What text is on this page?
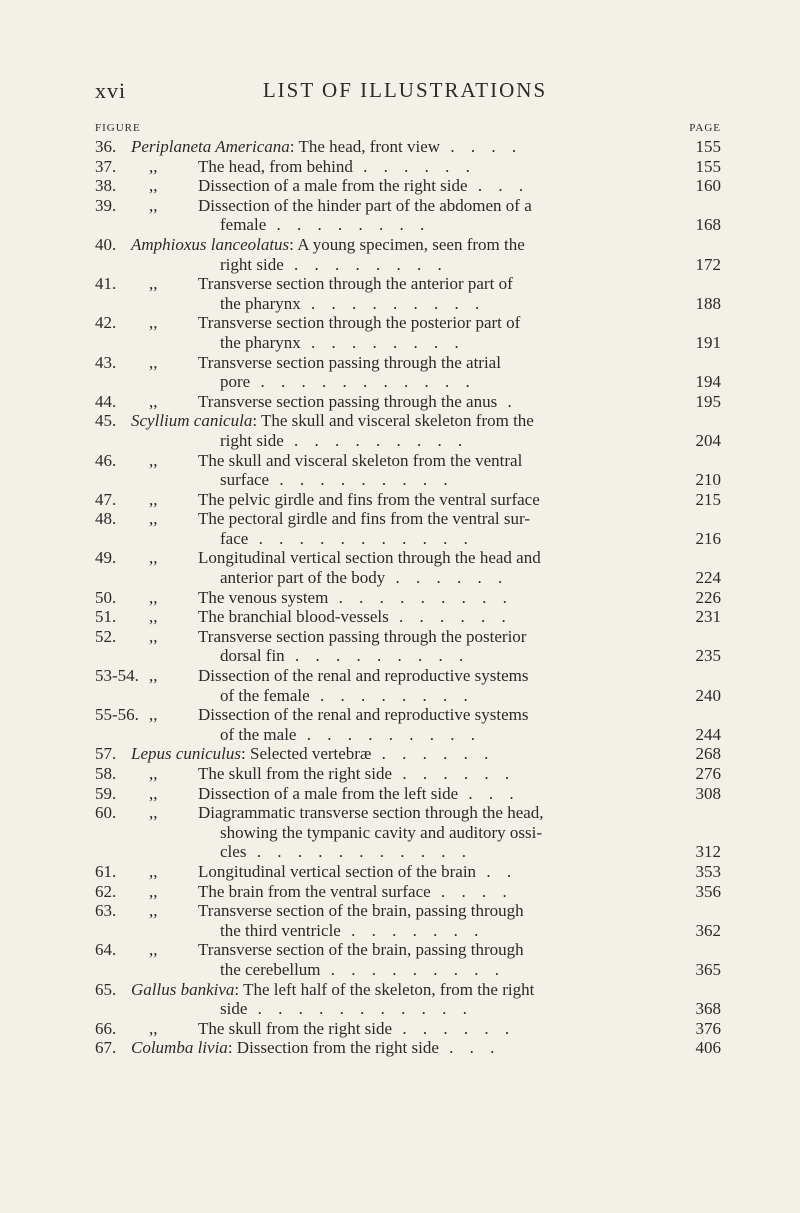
xvi	LIST OF ILLUSTRATIONS
FIGURE	PAGE
36. Periplaneta Americana: The head, front view . . . .	155
37. ,, The head, from behind . . . . . .	155
38. ,, Dissection of a male from the right side . . .	160
39. ,, Dissection of the hinder part of the abdomen of a
female . . . . . . . .	168
40. Amphioxus lanceolatus: A young specimen, seen from the
right side . . . . . . . .	172
41. ,, Transverse section through the anterior part of
the pharynx . . . . . . . . .	188
42. ,, Transverse section through the posterior part of
the pharynx . . . . . . . .	191
43. ,, Transverse section passing through the atrial
pore . . . . . . . . . . .	194
44. ,, Transverse section passing through the anus .	195
45. Scyllium canicula: The skull and visceral skeleton from the
right side . . . . . . . . .	204
46. ,, The skull and visceral skeleton from the ventral
surface . . . . . . . . .	210
47. ,, The pelvic girdle and fins from the ventral surface	215
48. ,, The pectoral girdle and fins from the ventral sur-
face . . . . . . . . . . .	216
49. ,, Longitudinal vertical section through the head and
anterior part of the body . . . . . .	224
50. ,, The venous system . . . . . . . . .	226
51. ,, The branchial blood-vessels . . . . . .	231
52. ,, Transverse section passing through the posterior
dorsal fin . . . . . . . . .	235
53-54. ,, Dissection of the renal and reproductive systems
of the female . . . . . . . .	240
55-56. ,, Dissection of the renal and reproductive systems
of the male . . . . . . . . .	244
57. Lepus cuniculus: Selected vertebræ . . . . . .	268
58. ,, The skull from the right side . . . . . .	276
59. ,, Dissection of a male from the left side . . .	308
60. ,, Diagrammatic transverse section through the head,
showing the tympanic cavity and auditory ossi-
cles . . . . . . . . . . .	312
61. ,, Longitudinal vertical section of the brain . .	353
62. ,, The brain from the ventral surface . . . .	356
63. ,, Transverse section of the brain, passing through
the third ventricle . . . . . . .	362
64. ,, Transverse section of the brain, passing through
the cerebellum . . . . . . . . .	365
65. Gallus bankiva: The left half of the skeleton, from the right
side . . . . . . . . . . .	368
66. ,, The skull from the right side . . . . . .	376
67. Columba livia: Dissection from the right side . . .	406
